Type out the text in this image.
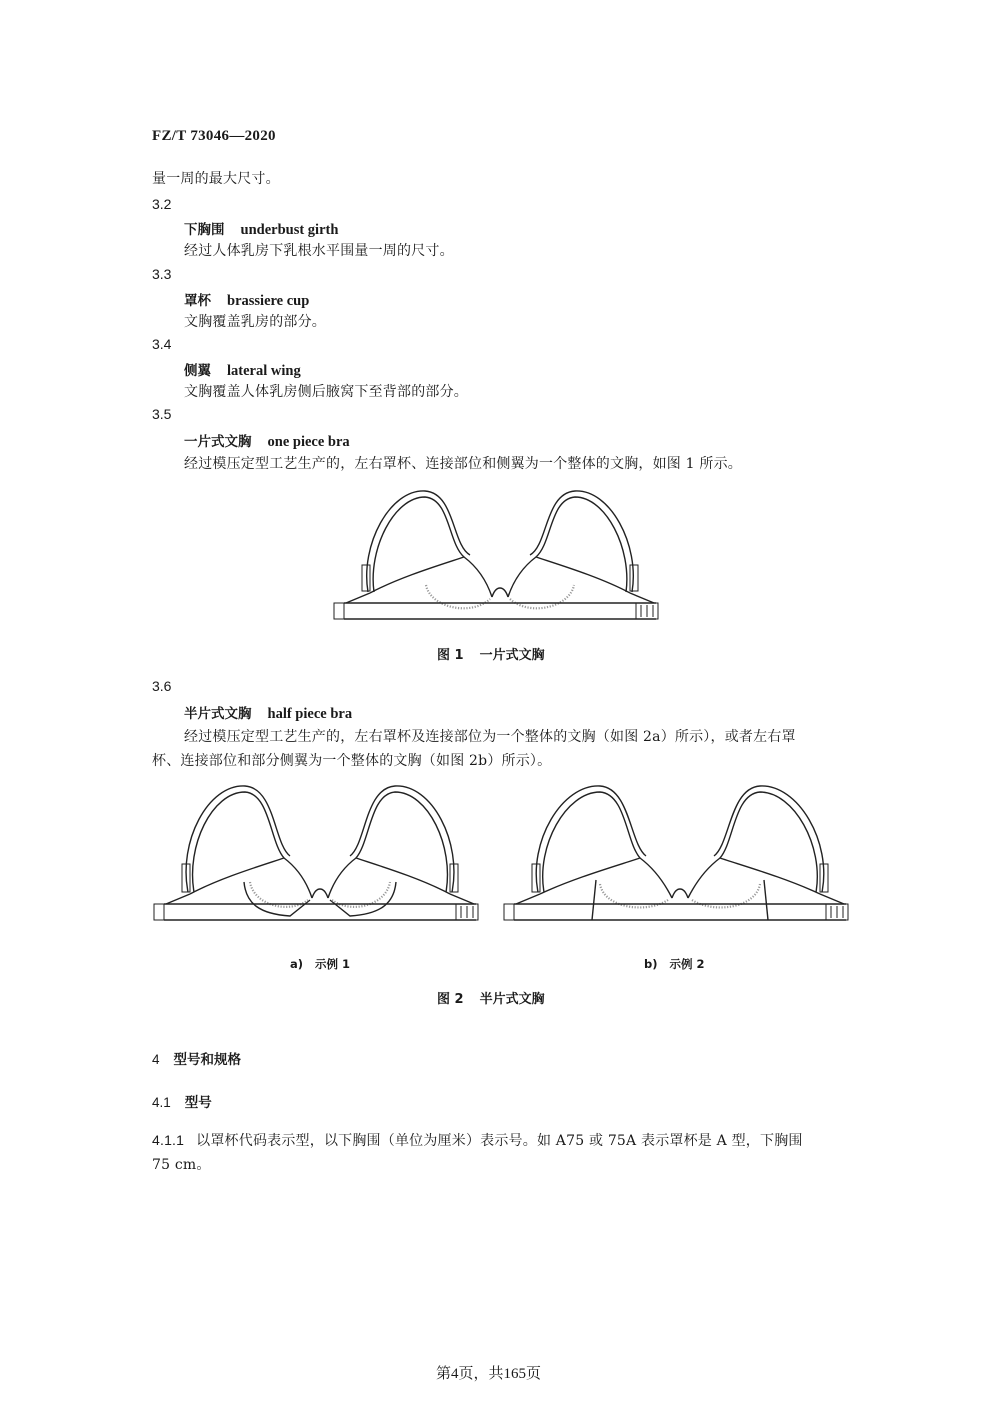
FZ/T 73046—2020
量一周的最大尺寸。
3.2
下胸围 underbust girth
经过人体乳房下乳根水平围量一周的尺寸。
3.3
罩杯 brassiere cup
文胸覆盖乳房的部分。
3.4
侧翼 lateral wing
文胸覆盖人体乳房侧后腋窝下至背部的部分。
3.5
一片式文胸 one piece bra
经过模压定型工艺生产的，左右罩杯、连接部位和侧翼为一个整体的文胸，如图 1 所示。
图 1 一片式文胸
3.6
半片式文胸 half piece bra
经过模压定型工艺生产的，左右罩杯及连接部位为一个整体的文胸（如图 2a）所示），或者左右罩
杯、连接部位和部分侧翼为一个整体的文胸（如图 2b）所示）。
a) 示例 1	b) 示例 2
图 2 半片式文胸
4 型号和规格
4.1 型号
4.1.1 以罩杯代码表示型，以下胸围（单位为厘米）表示号。如 A75 或 75A 表示罩杯是 A 型，下胸围
75 cm。
第4页，共165页
